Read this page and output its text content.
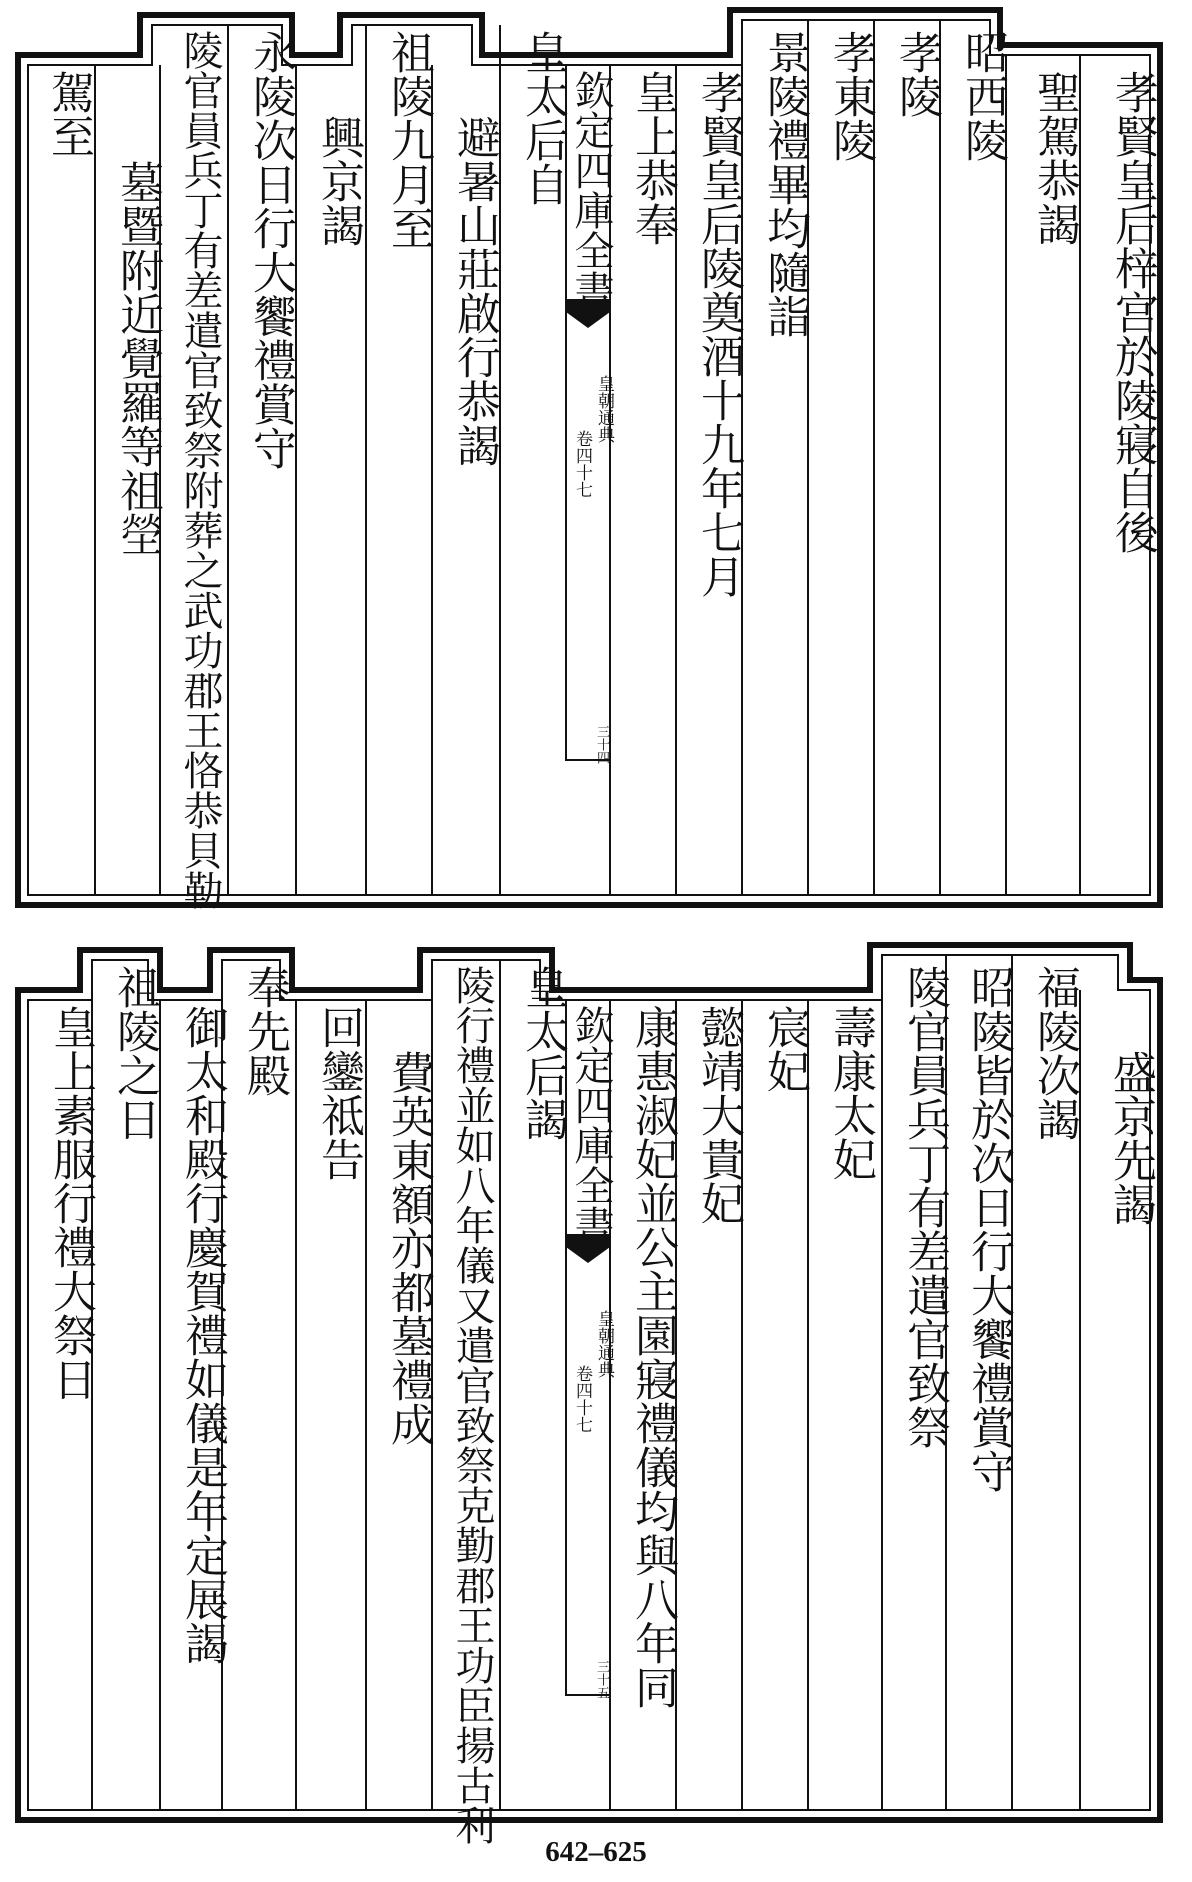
孝賢皇后梓宫於陵寢自後
聖駕恭謁
昭西陵
孝陵
孝東陵
景陵禮畢均隨詣
孝賢皇后陵奠酒十九年七月
皇上恭奉
欽定四庫全書
皇太后自
避暑山莊啟行恭謁
祖陵九月至
興京謁
永陵次日行大饗禮賞守
陵官員兵丁有差遣官致祭附葬之武功郡王恪恭貝勒
墓暨附近覺羅等祖塋
駕至
皇朝通典
卷四十七
三十四
盛京先謁
福陵次謁
昭陵皆於次日行大饗禮賞守
陵官員兵丁有差遣官致祭
壽康太妃
宸妃
懿靖大貴妃
康惠淑妃並公主園寢禮儀均與八年同
欽定四庫全書
皇太后謁
陵行禮並如八年儀又遣官致祭克勤郡王功臣揚古利
費英東額亦都墓禮成
回鑾祗告
奉先殿
御太和殿行慶賀禮如儀是年定展謁
祖陵之日
皇上素服行禮大祭日	皇朝通典
卷四十七
三十五
642–625
